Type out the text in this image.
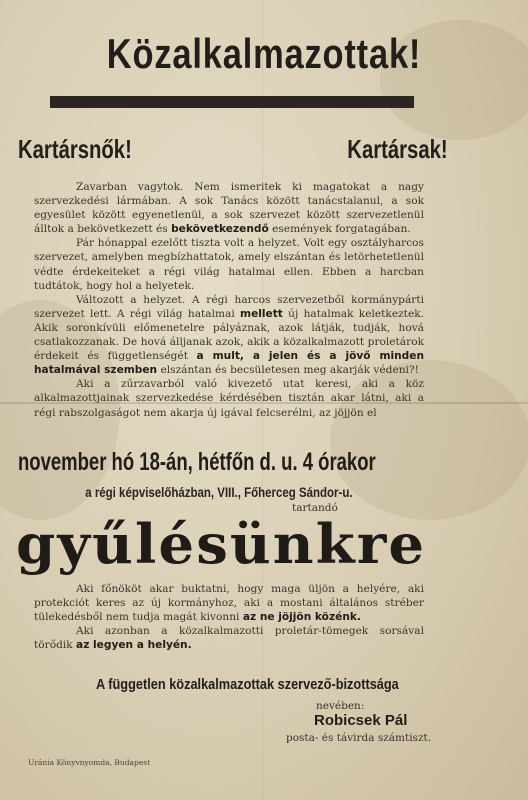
Közalkalmazottak!
Kartársnők!	Kartársak!

Zavarban vagytok. Nem ismeritek ki magatokat a nagy szervezkedési lármában. A sok Tanács között tanácstalanul, a sok egyesület között egyenetlenül, a sok szervezet között szervezetlenül álltok a bekövetkezett és bekövetkezendő események forgatagában.

Pár hónappal ezelőtt tiszta volt a helyzet. Volt egy osztályharcos szervezet, amelyben megbízhattatok, amely elszántan és letörhetetlenül védte érdekeiteket a régi világ hatalmai ellen. Ebben a harcban tudtátok, hogy hol a helyetek.

Változott a helyzet. A régi harcos szervezetből kormánypárti szervezet lett. A régi világ hatalmai mellett új hatalmak keletkeztek. Akik soronkívüli előmenetelre pályáznak, azok látják, tudják, hová csatlakozzanak. De hová álljanak azok, akik a közalkalmazott proletárok érdekeit és függetlenségét a mult, a jelen és a jövő minden hatalmával szemben elszántan és becsületesen meg akarják védeni?!

Aki a zűrzavarból való kivezető utat keresi, aki a köz alkalmazottjainak szervezkedése kérdésében tisztán akar látni, aki a régi rabszolgaságot nem akarja új igával felcserélni, az jöjjön el

november hó 18-án, hétfőn d. u. 4 órakor
a régi képviselőházban, VIII., Főherceg Sándor-u.
tartandó
gyűlésünkre

Aki főnököt akar buktatni, hogy maga üljön a helyére, aki protekciót keres az új kormányhoz, aki a mostani általános stréber tülekedésből nem tudja magát kivonni az ne jöjjön közénk.

Aki azonban a közalkalmazotti proletár-tömegek sorsával törődik az legyen a helyén.

A független közalkalmazottak szervező-bizottsága
nevében:
Robicsek Pál
posta- és távirda számtiszt.
Uránia Könyvnyomda, Budapest
